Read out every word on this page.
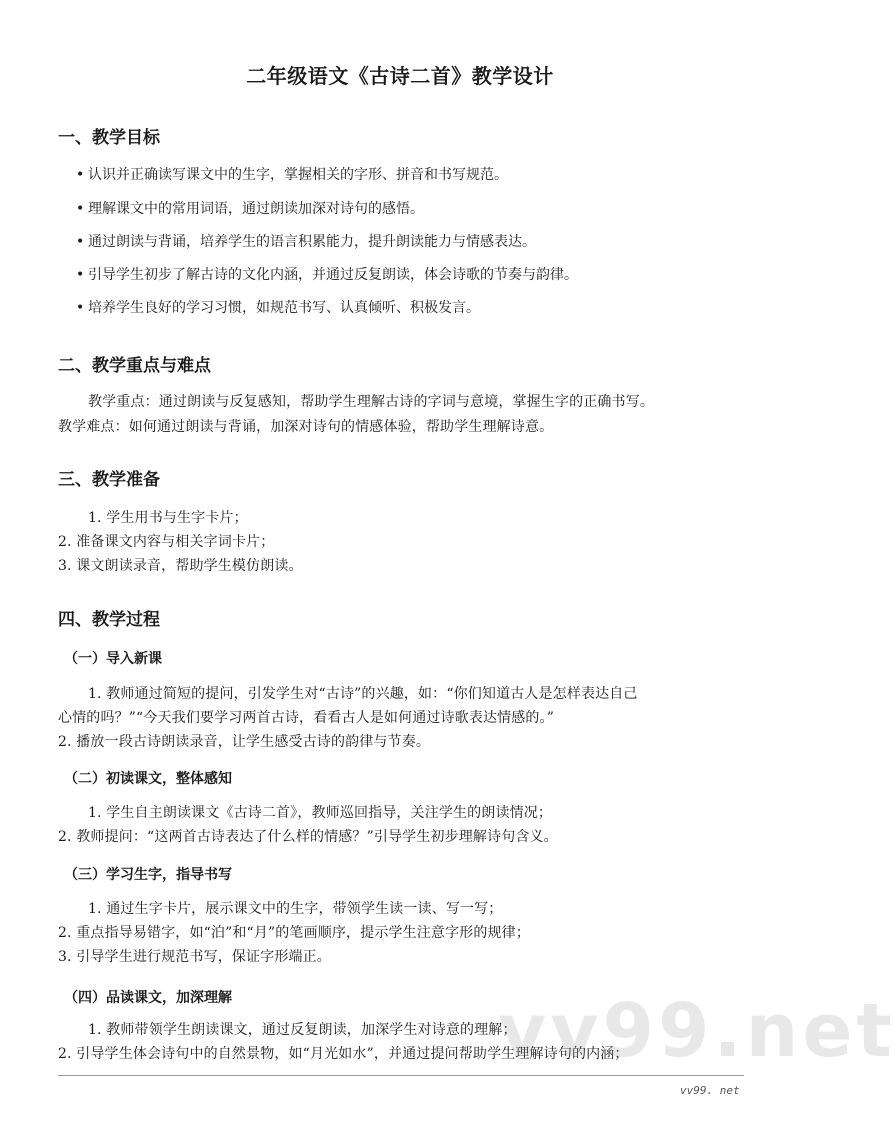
二年级语文《古诗二首》教学设计
一、教学目标
• 认识并正确读写课文中的生字，掌握相关的字形、拼音和书写规范。
• 理解课文中的常用词语，通过朗读加深对诗句的感悟。
• 通过朗读与背诵，培养学生的语言积累能力，提升朗读能力与情感表达。
• 引导学生初步了解古诗的文化内涵，并通过反复朗读，体会诗歌的节奏与韵律。
• 培养学生良好的学习习惯，如规范书写、认真倾听、积极发言。
二、教学重点与难点
教学重点：通过朗读与反复感知，帮助学生理解古诗的字词与意境，掌握生字的正确书写。
教学难点：如何通过朗读与背诵，加深对诗句的情感体验，帮助学生理解诗意。
三、教学准备
1. 学生用书与生字卡片；
2. 准备课文内容与相关字词卡片；
3. 课文朗读录音，帮助学生模仿朗读。
四、教学过程
（一）导入新课
1. 教师通过简短的提问，引发学生对“古诗”的兴趣，如：“你们知道古人是怎样表达自己
心情的吗？”“今天我们要学习两首古诗，看看古人是如何通过诗歌表达情感的。”
2. 播放一段古诗朗读录音，让学生感受古诗的韵律与节奏。
（二）初读课文，整体感知
1. 学生自主朗读课文《古诗二首》，教师巡回指导，关注学生的朗读情况；
2. 教师提问：“这两首古诗表达了什么样的情感？”引导学生初步理解诗句含义。
（三）学习生字，指导书写
1. 通过生字卡片，展示课文中的生字，带领学生读一读、写一写；
2. 重点指导易错字，如“泊”和“月”的笔画顺序，提示学生注意字形的规律；
3. 引导学生进行规范书写，保证字形端正。
（四）品读课文，加深理解
1. 教师带领学生朗读课文，通过反复朗读，加深学生对诗意的理解；
2. 引导学生体会诗句中的自然景物，如“月光如水”，并通过提问帮助学生理解诗句的内涵；
vv99.net
vv99. net
